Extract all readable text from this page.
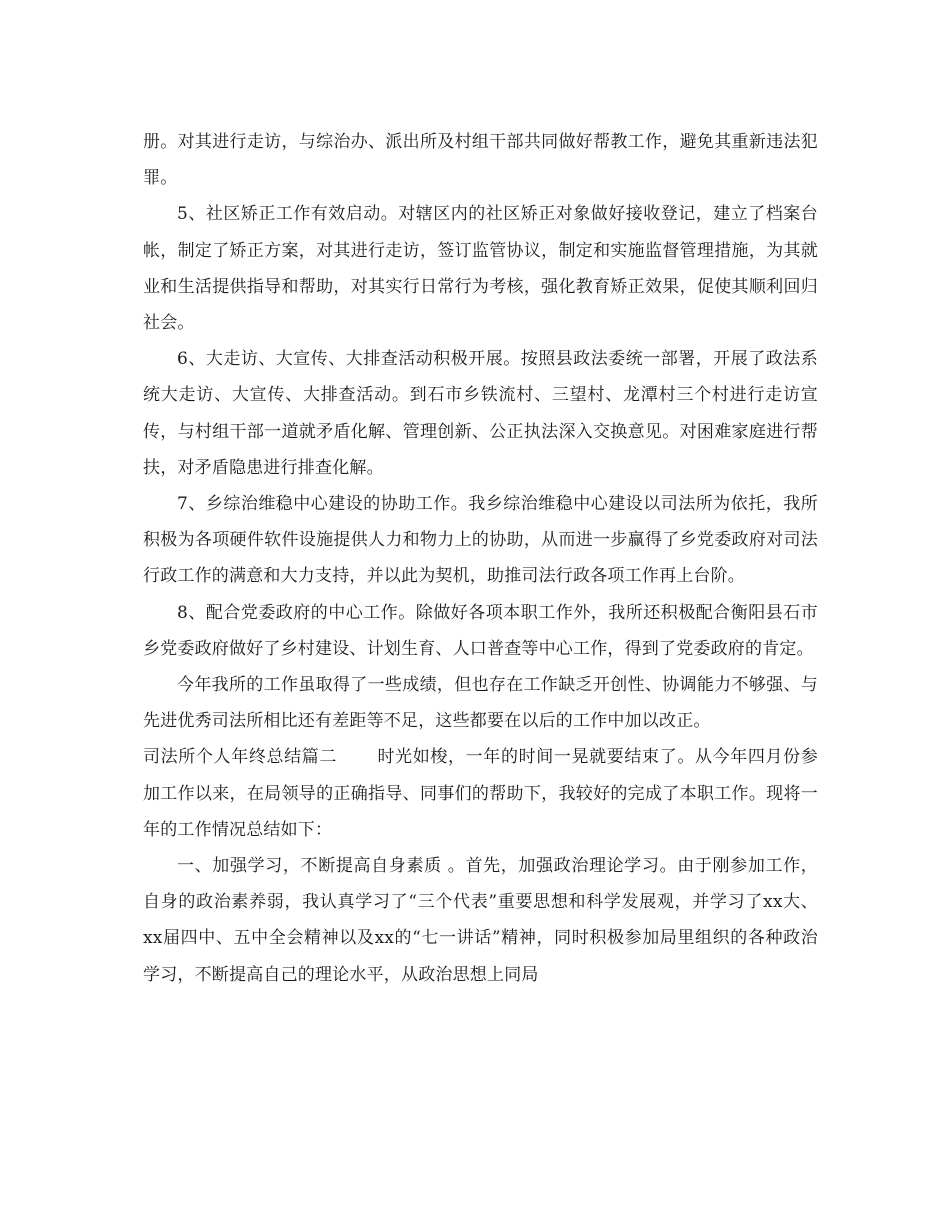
册。对其进行走访，与综治办、派出所及村组干部共同做好帮教工作，避免其重新违法犯罪。

5、社区矫正工作有效启动。对辖区内的社区矫正对象做好接收登记，建立了档案台帐，制定了矫正方案，对其进行走访，签订监管协议，制定和实施监督管理措施，为其就业和生活提供指导和帮助，对其实行日常行为考核，强化教育矫正效果，促使其顺利回归社会。

6、大走访、大宣传、大排查活动积极开展。按照县政法委统一部署，开展了政法系统大走访、大宣传、大排查活动。到石市乡铁流村、三望村、龙潭村三个村进行走访宣传，与村组干部一道就矛盾化解、管理创新、公正执法深入交换意见。对困难家庭进行帮扶，对矛盾隐患进行排查化解。

7、乡综治维稳中心建设的协助工作。我乡综治维稳中心建设以司法所为依托，我所积极为各项硬件软件设施提供人力和物力上的协助，从而进一步赢得了乡党委政府对司法行政工作的满意和大力支持，并以此为契机，助推司法行政各项工作再上台阶。

8、配合党委政府的中心工作。除做好各项本职工作外，我所还积极配合衡阳县石市乡党委政府做好了乡村建设、计划生育、人口普查等中心工作，得到了党委政府的肯定。

今年我所的工作虽取得了一些成绩，但也存在工作缺乏开创性、协调能力不够强、与先进优秀司法所相比还有差距等不足，这些都要在以后的工作中加以改正。

司法所个人年终总结篇二 时光如梭，一年的时间一晃就要结束了。从今年四月份参加工作以来，在局领导的正确指导、同事们的帮助下，我较好的完成了本职工作。现将一年的工作情况总结如下：

一、加强学习，不断提高自身素质 。首先，加强政治理论学习。由于刚参加工作，自身的政治素养弱，我认真学习了“三个代表”重要思想和科学发展观，并学习了xx大、xx届四中、五中全会精神以及xx的“七一讲话”精神，同时积极参加局里组织的各种政治学习，不断提高自己的理论水平，从政治思想上同局
